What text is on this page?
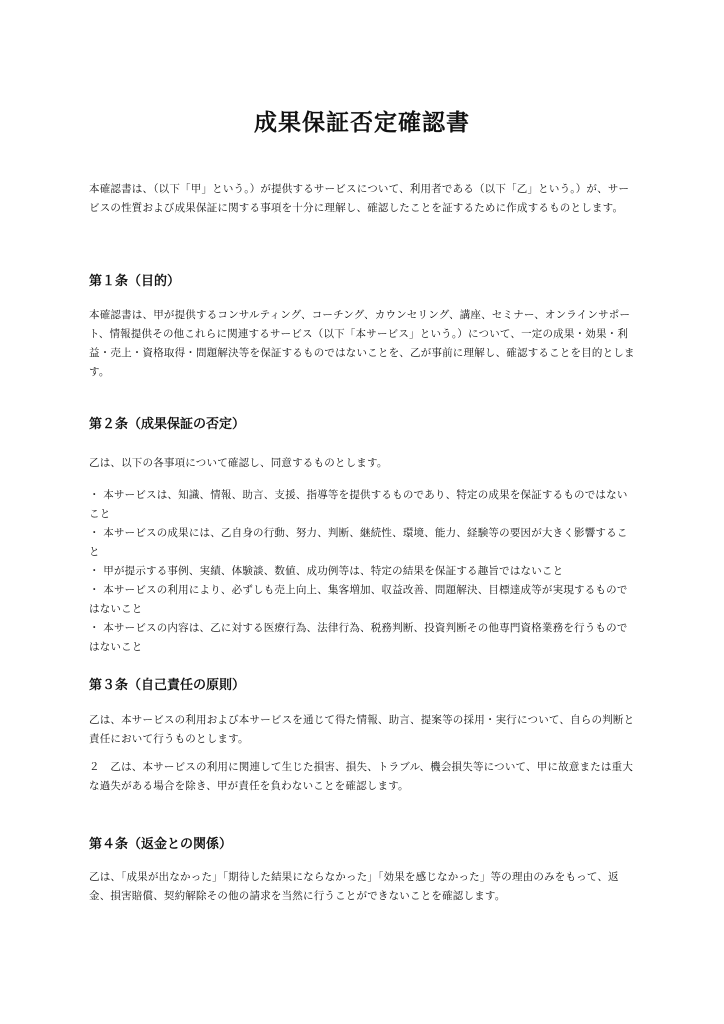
成果保証否定確認書

本確認書は、（以下「甲」という。）が提供するサービスについて、利用者である（以下「乙」という。）が、サービスの性質および成果保証に関する事項を十分に理解し、確認したことを証するために作成するものとします。

第１条（目的）

本確認書は、甲が提供するコンサルティング、コーチング、カウンセリング、講座、セミナー、オンラインサポート、情報提供その他これらに関連するサービス（以下「本サービス」という。）について、一定の成果・効果・利益・売上・資格取得・問題解決等を保証するものではないことを、乙が事前に理解し、確認することを目的とします。

第２条（成果保証の否定）

乙は、以下の各事項について確認し、同意するものとします。

・ 本サービスは、知識、情報、助言、支援、指導等を提供するものであり、特定の成果を保証するものではないこと
・ 本サービスの成果には、乙自身の行動、努力、判断、継続性、環境、能力、経験等の要因が大きく影響すること
・ 甲が提示する事例、実績、体験談、数値、成功例等は、特定の結果を保証する趣旨ではないこと
・ 本サービスの利用により、必ずしも売上向上、集客増加、収益改善、問題解決、目標達成等が実現するものではないこと
・ 本サービスの内容は、乙に対する医療行為、法律行為、税務判断、投資判断その他専門資格業務を行うものではないこと
第３条（自己責任の原則）

乙は、本サービスの利用および本サービスを通じて得た情報、助言、提案等の採用・実行について、自らの判断と責任において行うものとします。

２　乙は、本サービスの利用に関連して生じた損害、損失、トラブル、機会損失等について、甲に故意または重大な過失がある場合を除き、甲が責任を負わないことを確認します。

第４条（返金との関係）

乙は、「成果が出なかった」「期待した結果にならなかった」「効果を感じなかった」等の理由のみをもって、返金、損害賠償、契約解除その他の請求を当然に行うことができないことを確認します。
